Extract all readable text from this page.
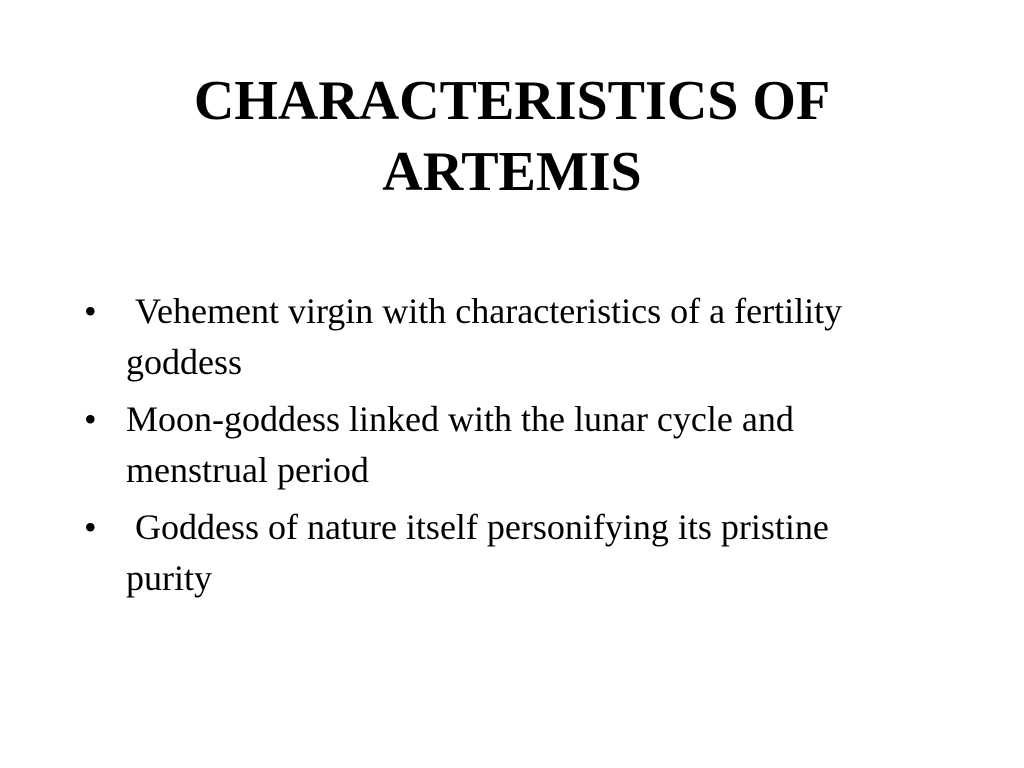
CHARACTERISTICS OF
ARTEMIS
• Vehement virgin with characteristics of a fertility goddess
• Moon-goddess linked with the lunar cycle and menstrual period
• Goddess of nature itself personifying its pristine purity
